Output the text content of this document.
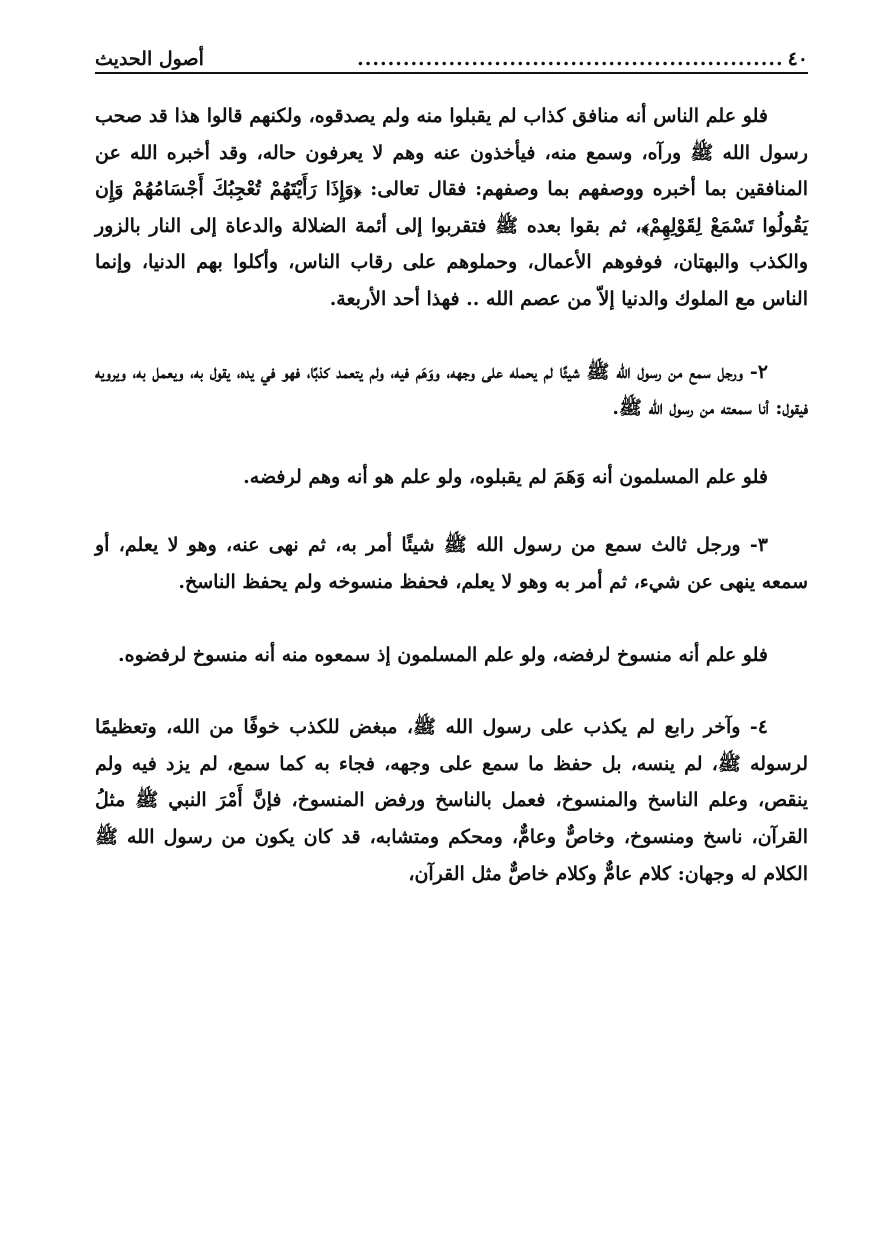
٤٠
........................................................
أصول الحديث

فلو علم الناس أنه منافق كذاب لم يقبلوا منه ولم يصدقوه، ولكنهم قالوا هذا قد صحب رسول الله ﷺ ورآه، وسمع منه، فيأخذون عنه وهم لا يعرفون حاله، وقد أخبره الله عن المنافقين بما أخبره ووصفهم بما وصفهم: فقال تعالى: ﴿وَإِذَا رَأَيْتَهُمْ تُعْجِبُكَ أَجْسَامُهُمْ وَإِن يَقُولُوا تَسْمَعْ لِقَوْلِهِمْ﴾، ثم بقوا بعده ﷺ فتقربوا إلى أئمة الضلالة والدعاة إلى النار بالزور والكذب والبهتان، فوفوهم الأعمال، وحملوهم على رقاب الناس، وأكلوا بهم الدنيا، وإنما الناس مع الملوك والدنيا إلاّ من عصم الله .. فهذا أحد الأربعة.

٢- ورجل سمع من رسول الله ﷺ شيئًا لم يحمله على وجهه، ووَهَم فيه، ولم يتعمد كذبًا، فهو في يده، يقول به، ويعمل به، ويرويه فيقول: أنا سمعته من رسول الله ﷺ.

فلو علم المسلمون أنه وَهَمَ لم يقبلوه، ولو علم هو أنه وهم لرفضه.

٣- ورجل ثالث سمع من رسول الله ﷺ شيئًا أمر به، ثم نهى عنه، وهو لا يعلم، أو سمعه ينهى عن شيء، ثم أمر به وهو لا يعلم، فحفظ منسوخه ولم يحفظ الناسخ.

فلو علم أنه منسوخ لرفضه، ولو علم المسلمون إذ سمعوه منه أنه منسوخ لرفضوه.

٤- وآخر رابع لم يكذب على رسول الله ﷺ، مبغض للكذب خوفًا من الله، وتعظيمًا لرسوله ﷺ، لم ينسه، بل حفظ ما سمع على وجهه، فجاء به كما سمع، لم يزد فيه ولم ينقص، وعلم الناسخ والمنسوخ، فعمل بالناسخ ورفض المنسوخ، فإنَّ أَمْرَ النبي ﷺ مثلُ القرآن، ناسخ ومنسوخ، وخاصٌّ وعامٌّ، ومحكم ومتشابه، قد كان يكون من رسول الله ﷺ الكلام له وجهان: كلام عامٌّ وكلام خاصٌّ مثل القرآن،
